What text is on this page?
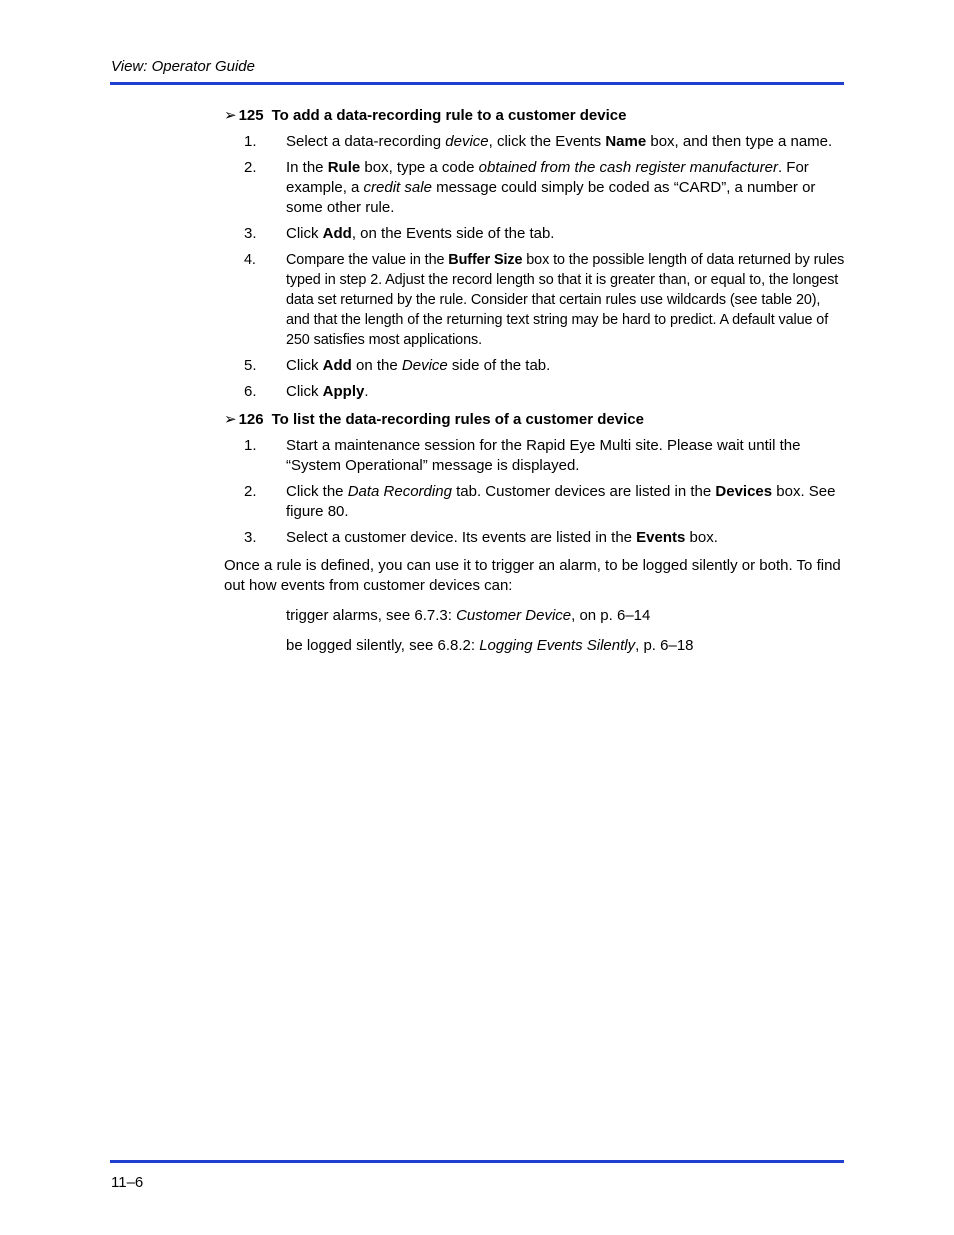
View: Operator Guide
➢ 125 To add a data-recording rule to a customer device
1. Select a data-recording device, click the Events Name box, and then type a name.
2. In the Rule box, type a code obtained from the cash register manufacturer. For example, a credit sale message could simply be coded as “CARD”, a number or some other rule.
3. Click Add, on the Events side of the tab.
4. Compare the value in the Buffer Size box to the possible length of data returned by rules typed in step 2. Adjust the record length so that it is greater than, or equal to, the longest data set returned by the rule. Consider that certain rules use wildcards (see table 20), and that the length of the returning text string may be hard to predict. A default value of 250 satisfies most applications.
5. Click Add on the Device side of the tab.
6. Click Apply.
➢ 126 To list the data-recording rules of a customer device
1. Start a maintenance session for the Rapid Eye Multi site. Please wait until the “System Operational” message is displayed.
2. Click the Data Recording tab. Customer devices are listed in the Devices box. See figure 80.
3. Select a customer device. Its events are listed in the Events box.
Once a rule is defined, you can use it to trigger an alarm, to be logged silently or both. To find out how events from customer devices can:
trigger alarms, see 6.7.3: Customer Device, on p. 6–14
be logged silently, see 6.8.2: Logging Events Silently, p. 6–18
11–6
